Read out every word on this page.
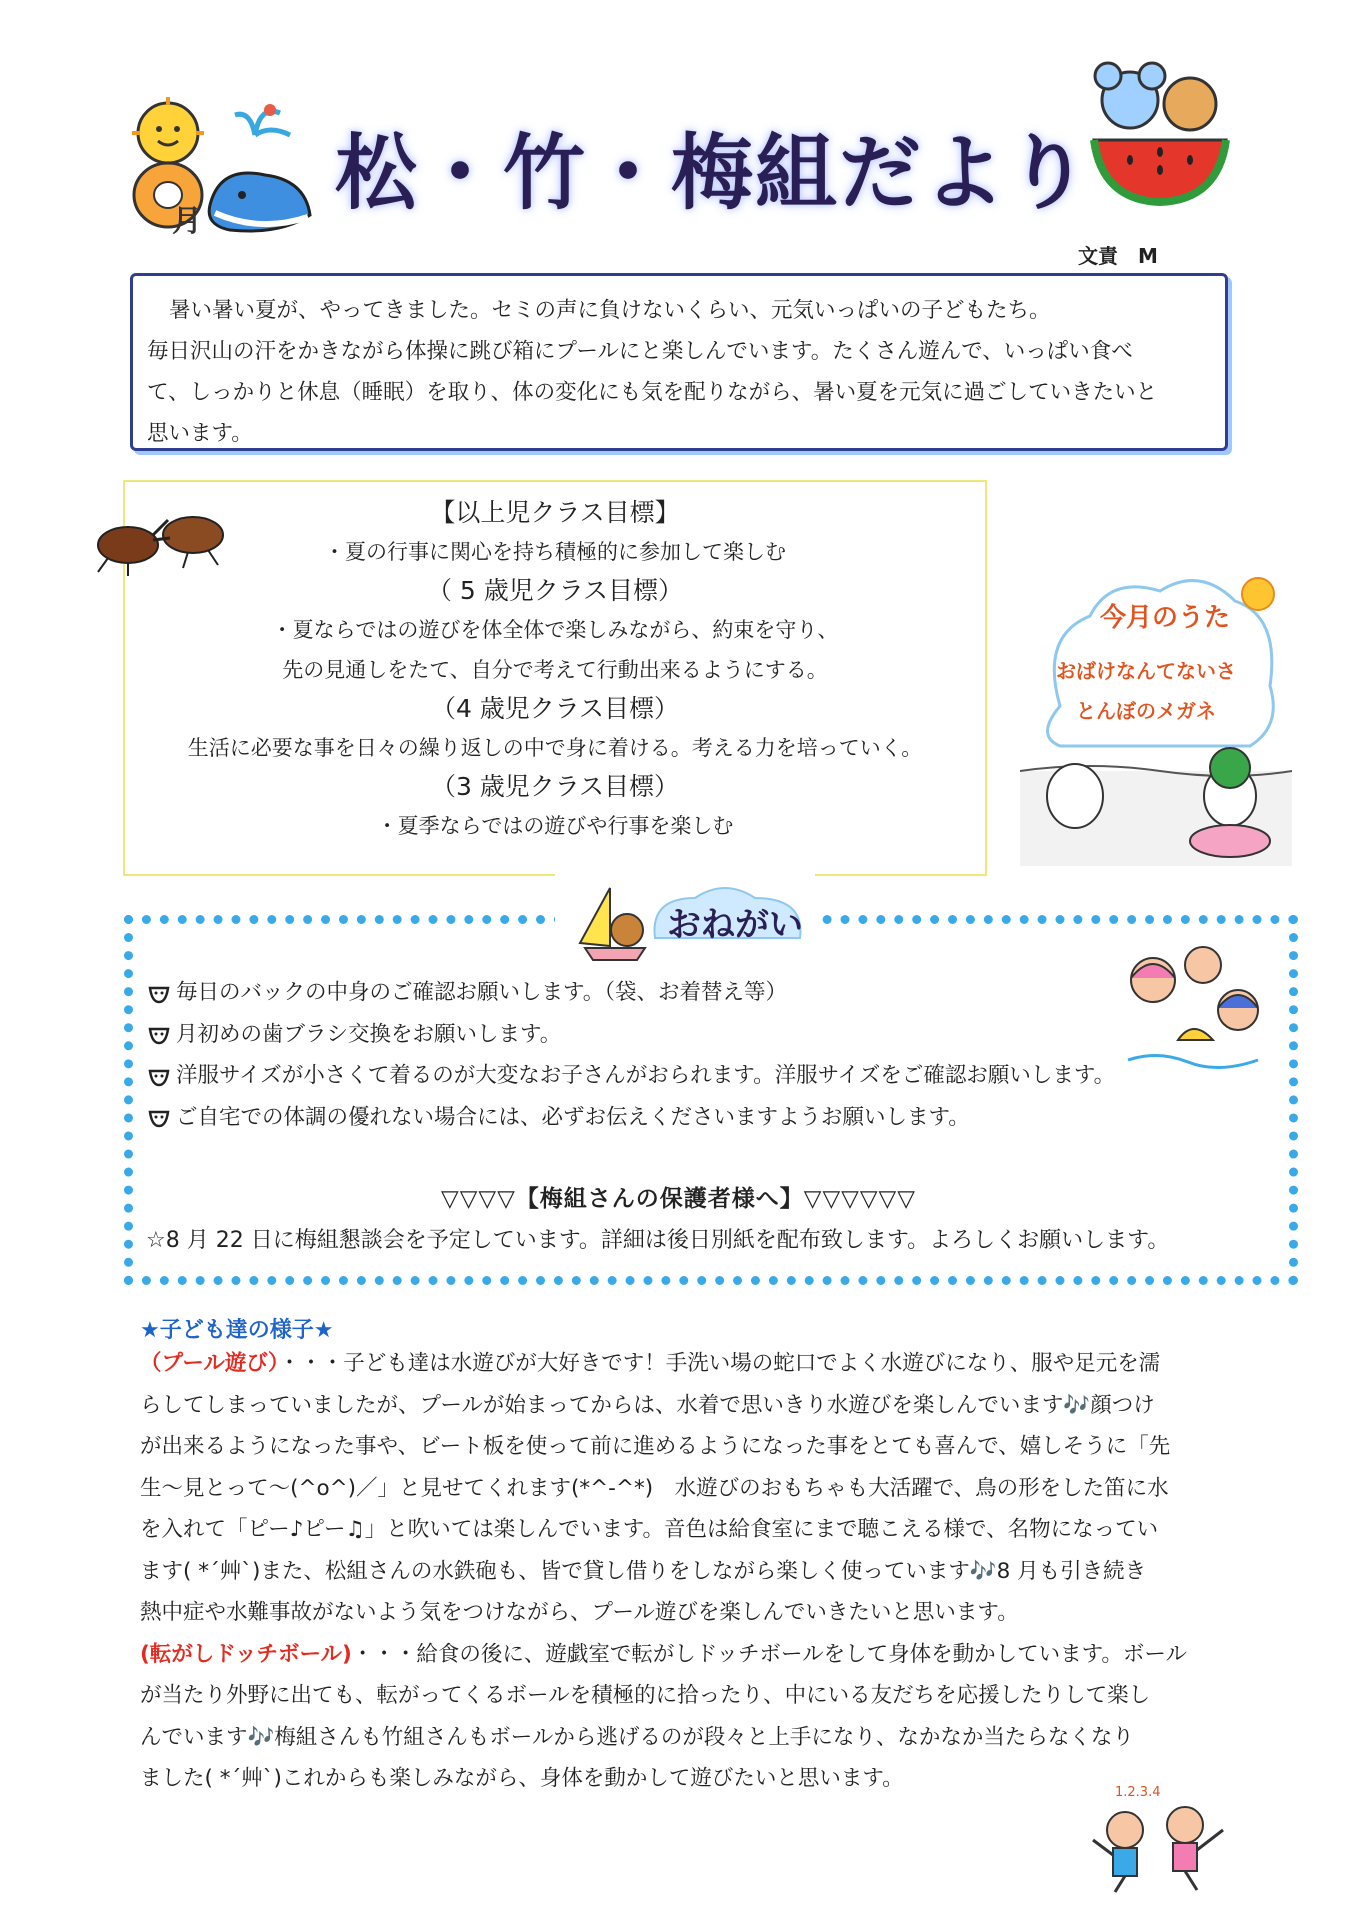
月
松・竹・梅組だより
文責　M

暑い暑い夏が、やってきました。セミの声に負けないくらい、元気いっぱいの子どもたち。

毎日沢山の汗をかきながら体操に跳び箱にプールにと楽しんでいます。たくさん遊んで、いっぱい食べ

て、しっかりと休息（睡眠）を取り、体の変化にも気を配りながら、暑い夏を元気に過ごしていきたいと

思います。

【以上児クラス目標】
・夏の行事に関心を持ち積極的に参加して楽しむ
（ 5 歳児クラス目標）
・夏ならではの遊びを体全体で楽しみながら、約束を守り、
先の見通しをたて、自分で考えて行動出来るようにする。
（4 歳児クラス目標）
生活に必要な事を日々の繰り返しの中で身に着ける。考える力を培っていく。
（3 歳児クラス目標）
・夏季ならではの遊びや行事を楽しむ
今月のうた
おばけなんてないさ
とんぼのメガネ
おねがい
毎日のバックの中身のご確認お願いします。（袋、お着替え等）
月初めの歯ブラシ交換をお願いします。
洋服サイズが小さくて着るのが大変なお子さんがおられます。洋服サイズをご確認お願いします。
ご自宅での体調の優れない場合には、必ずお伝えくださいますようお願いします。
▽▽▽▽【梅組さんの保護者様へ】▽▽▽▽▽▽
☆8 月 22 日に梅組懇談会を予定しています。詳細は後日別紙を配布致します。よろしくお願いします。
★子ども達の様子★

（プール遊び）・・・子ども達は水遊びが大好きです！手洗い場の蛇口でよく水遊びになり、服や足元を濡

らしてしまっていましたが、プールが始まってからは、水着で思いきり水遊びを楽しんでいます🎶顔つけ

が出来るようになった事や、ビート板を使って前に進めるようになった事をとても喜んで、嬉しそうに「先

生～見とって～(^o^)／」と見せてくれます(*^-^*)　水遊びのおもちゃも大活躍で、鳥の形をした笛に水

を入れて「ピー♪ピー♫」と吹いては楽しんでいます。音色は給食室にまで聴こえる様で、名物になってい

ます( *´艸`)また、松組さんの水鉄砲も、皆で貸し借りをしながら楽しく使っています🎶8 月も引き続き

熱中症や水難事故がないよう気をつけながら、プール遊びを楽しんでいきたいと思います。

(転がしドッチボール)・・・給食の後に、遊戯室で転がしドッチボールをして身体を動かしています。ボール

が当たり外野に出ても、転がってくるボールを積極的に拾ったり、中にいる友だちを応援したりして楽し

んでいます🎶梅組さんも竹組さんもボールから逃げるのが段々と上手になり、なかなか当たらなくなり

ました( *´艸`)これからも楽しみながら、身体を動かして遊びたいと思います。

1.2.3.4
